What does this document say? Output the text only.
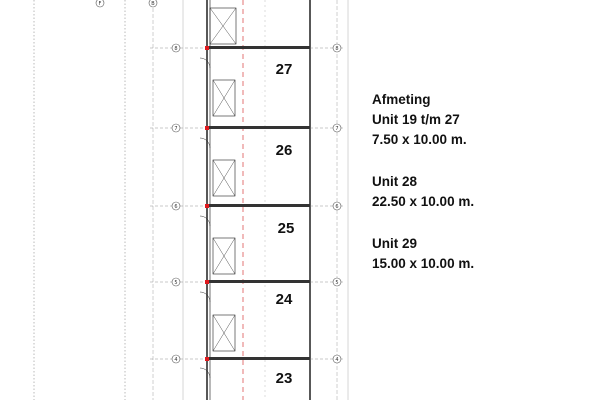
F	B
8	8
27
·
7	7
26
6	6
25
5	5
24
4	4
23
Afmeting
Unit 19 t/m 27
7.50 x 10.00 m.
Unit 28
22.50 x 10.00 m.
Unit 29
15.00 x 10.00 m.
